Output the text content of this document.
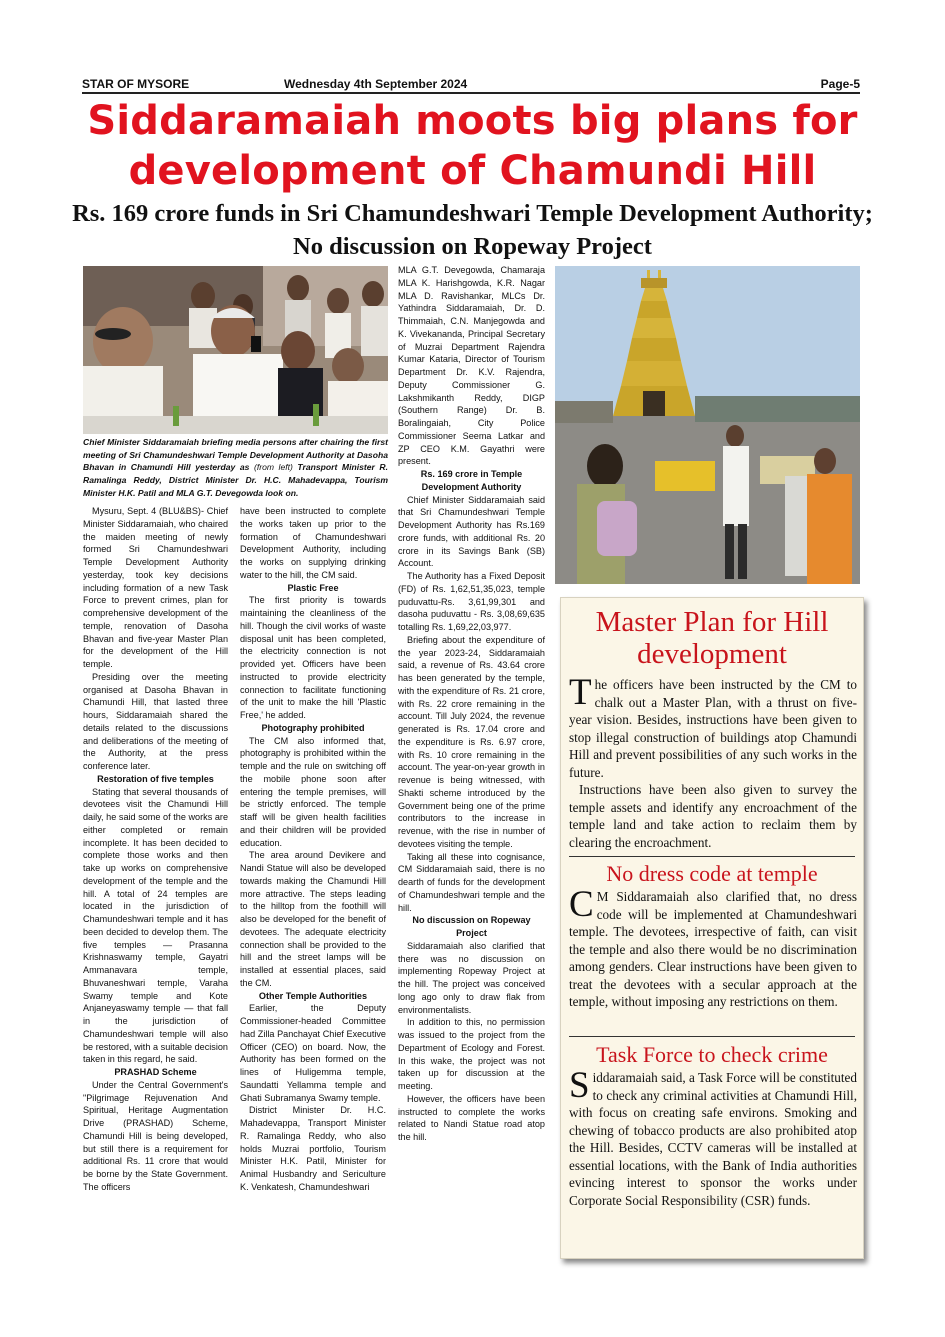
STAR OF MYSORE	Wednesday 4th September 2024	Page-5
Siddaramaiah moots big plans for development of Chamundi Hill
Rs. 169 crore funds in Sri Chamundeshwari Temple Development Authority; No discussion on Ropeway Project
Chief Minister Siddaramaiah briefing media persons after chairing the first meeting of Sri Chamundeshwari Temple Development Authority at Dasoha Bhavan in Chamundi Hill yesterday as (from left) Transport Minister R. Ramalinga Reddy, District Minister Dr. H.C. Mahadevappa, Tourism Minister H.K. Patil and MLA G.T. Devegowda look on.

Mysuru, Sept. 4 (BLU&BS)- Chief Minister Siddaramaiah, who chaired the maiden meeting of newly formed Sri Chamundeshwari Temple Development Authority yesterday, took key decisions including formation of a new Task Force to prevent crimes, plan for comprehensive development of the temple, renovation of Dasoha Bhavan and five-year Master Plan for the development of the Hill temple.

Presiding over the meeting organised at Dasoha Bhavan in Chamundi Hill, that lasted three hours, Siddaramaiah shared the details related to the discussions and deliberations of the meeting of the Authority, at the press conference later.

Restoration of five temples

Stating that several thousands of devotees visit the Chamundi Hill daily, he said some of the works are either completed or remain incomplete. It has been decided to complete those works and then take up works on comprehensive development of the temple and the hill. A total of 24 temples are located in the jurisdiction of Chamundeshwari temple and it has been decided to develop them. The five temples — Prasanna Krishnaswamy temple, Gayatri Ammanavara temple, Bhuvaneshwari temple, Varaha Swamy temple and Kote Anjaneyaswamy temple — that fall in the jurisdiction of Chamundeshwari temple will also be restored, with a suitable decision taken in this regard, he said.

PRASHAD Scheme

Under the Central Government's "Pilgrimage Rejuvenation And Spiritual, Heritage Augmentation Drive (PRASHAD) Scheme, Chamundi Hill is being developed, but still there is a requirement for additional Rs. 11 crore that would be borne by the State Government. The officers

have been instructed to complete the works taken up prior to the formation of Chamundeshwari Development Authority, including the works on supplying drinking water to the hill, the CM said.

Plastic Free

The first priority is towards maintaining the cleanliness of the hill. Though the civil works of waste disposal unit has been completed, the electricity connection is not provided yet. Officers have been instructed to provide electricity connection to facilitate functioning of the unit to make the hill 'Plastic Free,' he added.

Photography prohibited

The CM also informed that, photography is prohibited within the temple and the rule on switching off the mobile phone soon after entering the temple premises, will be strictly enforced. The temple staff will be given health facilities and their children will be provided education.

The area around Devikere and Nandi Statue will also be developed towards making the Chamundi Hill more attractive. The steps leading to the hilltop from the foothill will also be developed for the benefit of devotees. The adequate electricity connection shall be provided to the hill and the street lamps will be installed at essential places, said the CM.

Other Temple Authorities

Earlier, the Deputy Commissioner-headed Committee had Zilla Panchayat Chief Executive Officer (CEO) on board. Now, the Authority has been formed on the lines of Huligemma temple, Saundatti Yellamma temple and Ghati Subramanya Swamy temple.

District Minister Dr. H.C. Mahadevappa, Transport Minister R. Ramalinga Reddy, who also holds Muzrai portfolio, Tourism Minister H.K. Patil, Minister for Animal Husbandry and Sericulture K. Venkatesh, Chamundeshwari

MLA G.T. Devegowda, Chamaraja MLA K. Harishgowda, K.R. Nagar MLA D. Ravishankar, MLCs Dr. Yathindra Siddaramaiah, Dr. D. Thimmaiah, C.N. Manjegowda and K. Vivekananda, Principal Secretary of Muzrai Department Rajendra Kumar Kataria, Director of Tourism Department Dr. K.V. Rajendra, Deputy Commissioner G. Lakshmikanth Reddy, DIGP (Southern Range) Dr. B. Boralingaiah, City Police Commissioner Seema Latkar and ZP CEO K.M. Gayathri were present.

Rs. 169 crore in Temple Development Authority

Chief Minister Siddaramaiah said that Sri Chamundeshwari Temple Development Authority has Rs.169 crore funds, with additional Rs. 20 crore in its Savings Bank (SB) Account.

The Authority has a Fixed Deposit (FD) of Rs. 1,62,51,35,023, temple puduvattu-Rs. 3,61,99,301 and dasoha puduvattu - Rs. 3,08,69,635 totalling Rs. 1,69,22,03,977.

Briefing about the expenditure of the year 2023-24, Siddaramaiah said, a revenue of Rs. 43.64 crore has been generated by the temple, with the expenditure of Rs. 21 crore, with Rs. 22 crore remaining in the account. Till July 2024, the revenue generated is Rs. 17.04 crore and the expenditure is Rs. 6.97 crore, with Rs. 10 crore remaining in the account. The year-on-year growth in revenue is being witnessed, with Shakti scheme introduced by the Government being one of the prime contributors to the increase in revenue, with the rise in number of devotees visiting the temple.

Taking all these into cognisance, CM Siddaramaiah said, there is no dearth of funds for the development of Chamundeshwari temple and the hill.

No discussion on Ropeway Project

Siddaramaiah also clarified that there was no discussion on implementing Ropeway Project at the hill. The project was conceived long ago only to draw flak from environmentalists.

In addition to this, no permission was issued to the project from the Department of Ecology and Forest. In this wake, the project was not taken up for discussion at the meeting.

However, the officers have been instructed to complete the works related to Nandi Statue road atop the hill.

Master Plan for Hill development

The officers have been instructed by the CM to chalk out a Master Plan, with a thrust on five-year vision. Besides, instructions have been given to stop illegal construction of buildings atop Chamundi Hill and prevent possibilities of any such works in the future.

Instructions have been also given to survey the temple assets and identify any encroachment of the temple land and take action to reclaim them by clearing the encroachment.

No dress code at temple

C M Siddaramaiah also clarified that, no dress code will be implemented at Chamundeshwari temple. The devotees, irrespective of faith, can visit the temple and also there would be no discrimination among genders. Clear instructions have been given to treat the devotees with a secular approach at the temple, without imposing any restrictions on them.

Task Force to check crime

Siddaramaiah said, a Task Force will be constituted to check any criminal activities at Chamundi Hill, with focus on creating safe environs. Smoking and chewing of tobacco products are also prohibited atop the Hill. Besides, CCTV cameras will be installed at essential locations, with the Bank of India authorities evincing interest to sponsor the works under Corporate Social Responsibility (CSR) funds.
